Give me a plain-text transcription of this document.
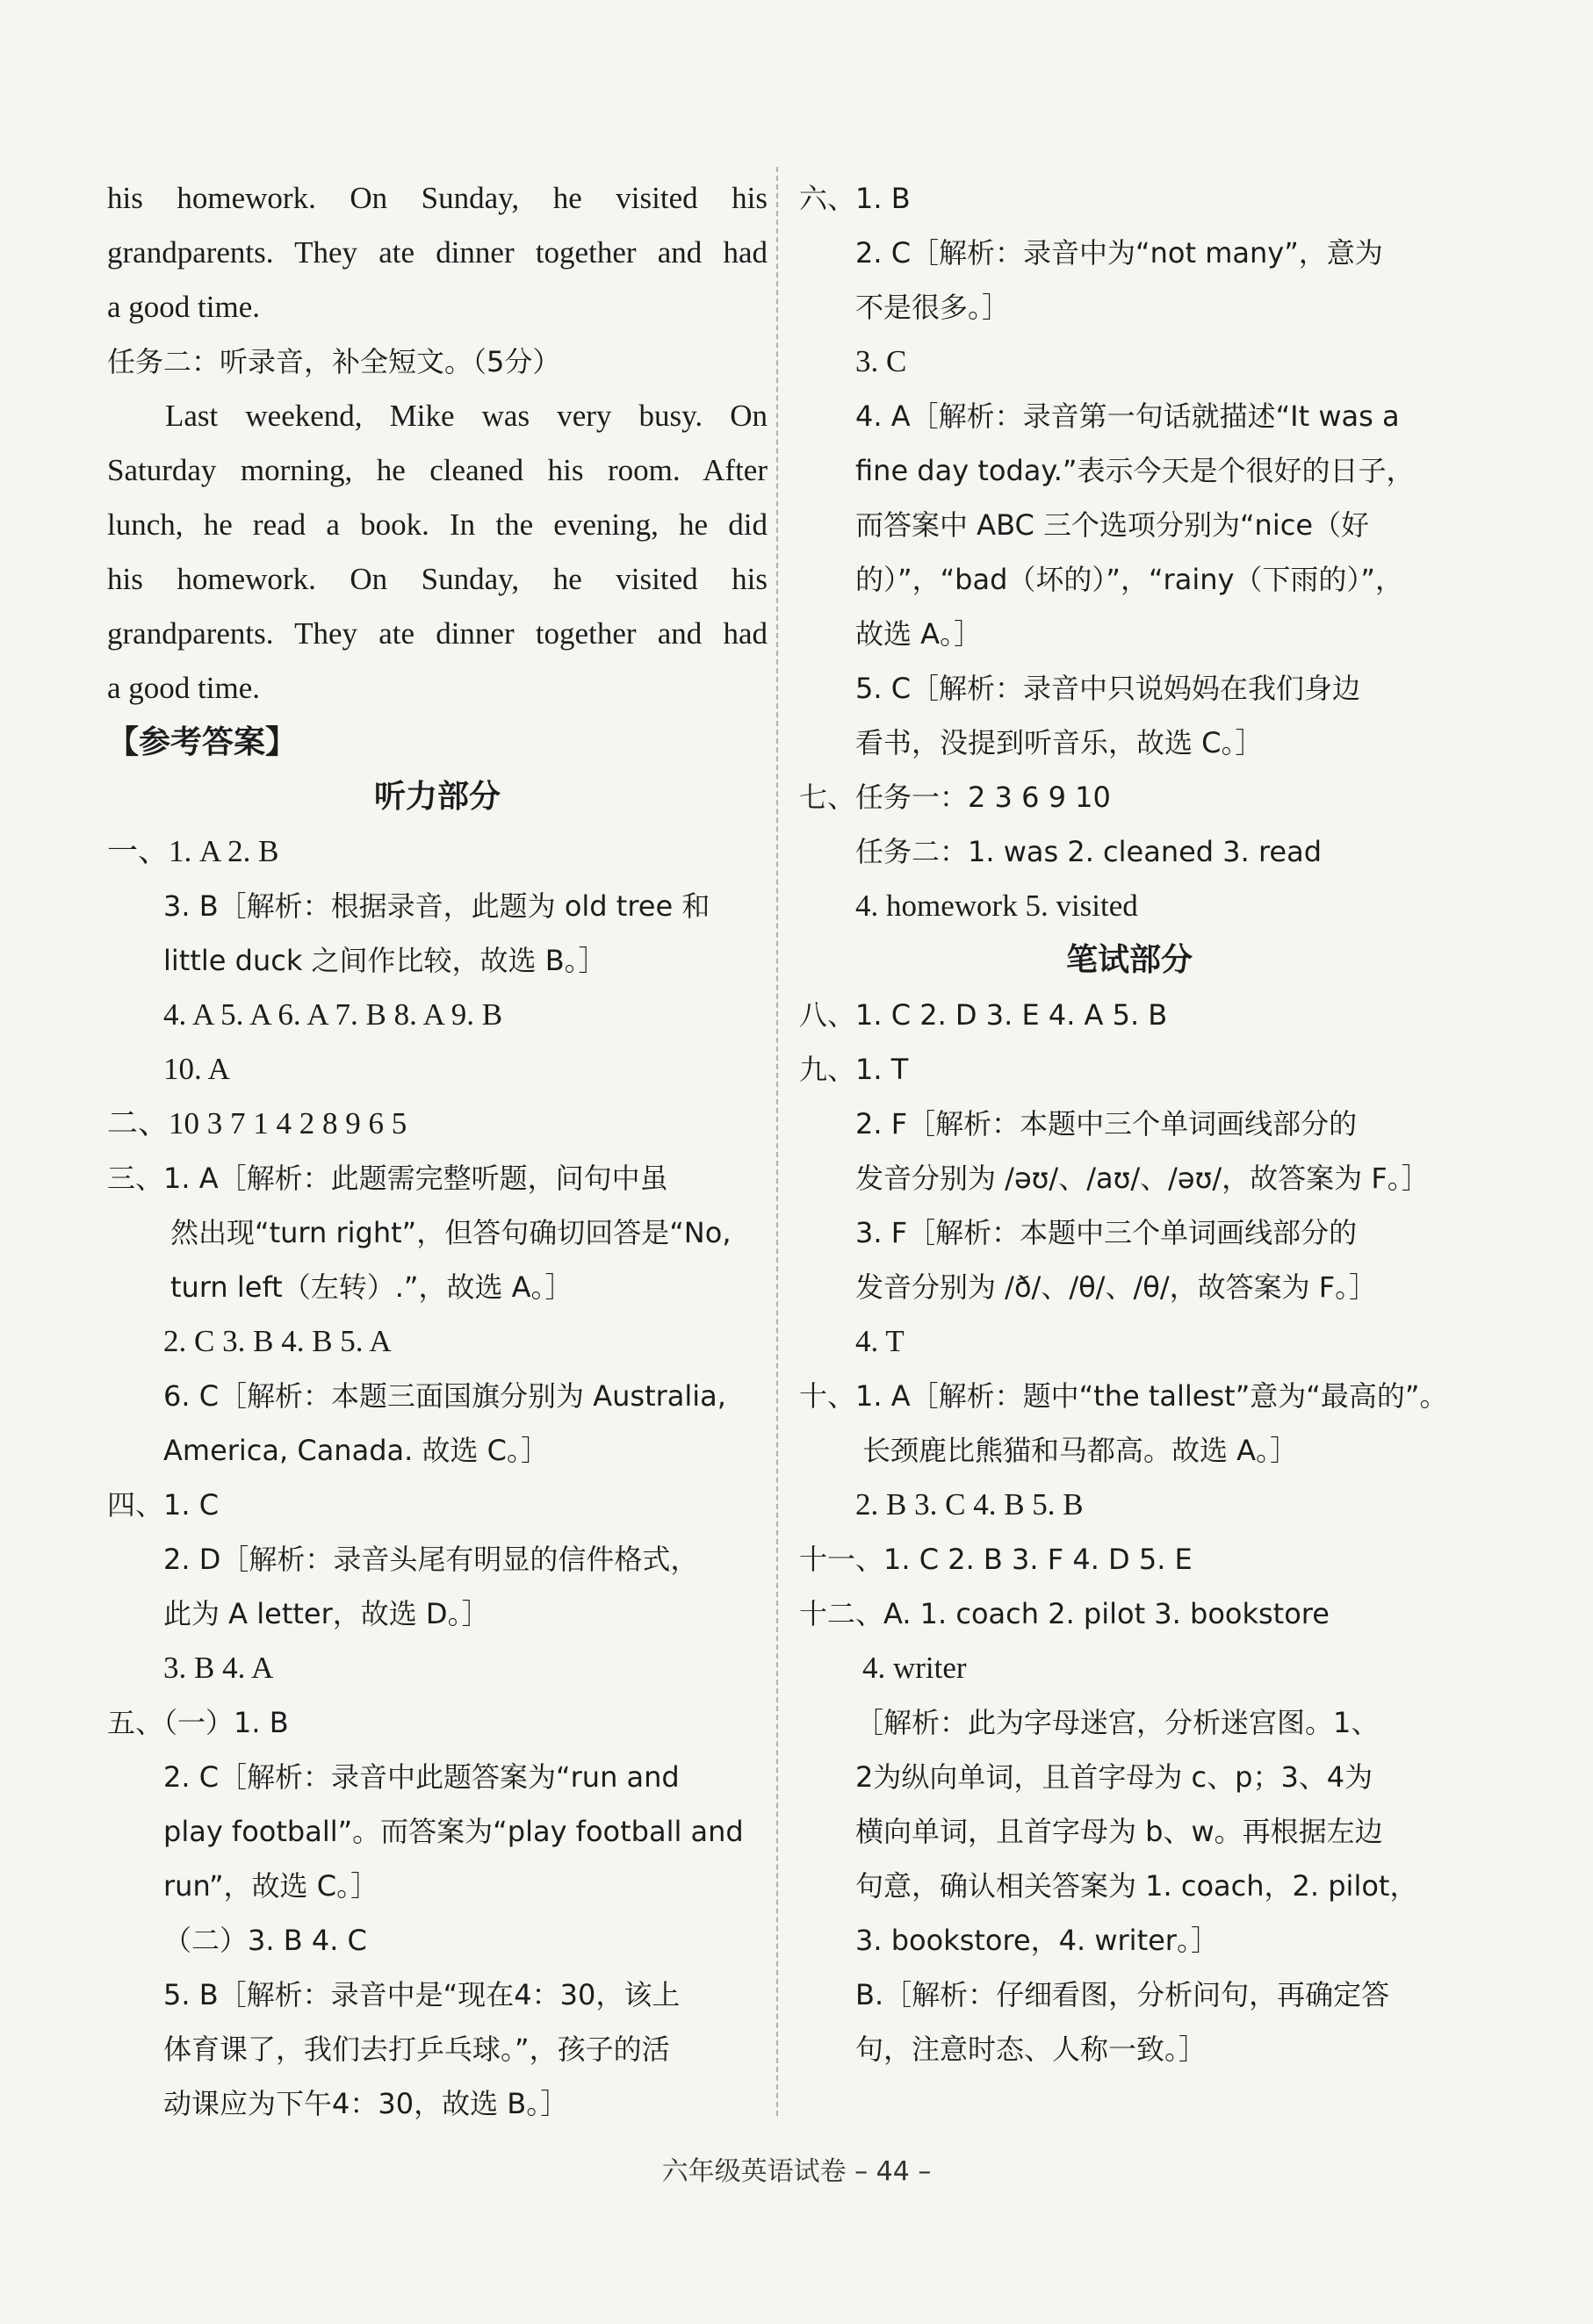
his homework. On Sunday, he visited his
grandparents. They ate dinner together and had
a good time.
任务二：听录音，补全短文。（5分）
Last weekend, Mike was very busy. On
Saturday morning, he cleaned his room. After
lunch, he read a book. In the evening, he did
his homework. On Sunday, he visited his
grandparents. They ate dinner together and had
a good time.
【参考答案】
听力部分
一、1. A 2. B
3. B［解析：根据录音，此题为 old tree 和
little duck 之间作比较，故选 B。］
4. A 5. A 6. A 7. B 8. A 9. B
10. A
二、10 3 7 1 4 2 8 9 6 5
三、1. A［解析：此题需完整听题，问句中虽
然出现“turn right”，但答句确切回答是“No,
turn left（左转）.”，故选 A。］
2. C 3. B 4. B 5. A
6. C［解析：本题三面国旗分别为 Australia,
America, Canada. 故选 C。］
四、1. C
2. D［解析：录音头尾有明显的信件格式，
此为 A letter，故选 D。］
3. B 4. A
五、（一）1. B
2. C［解析：录音中此题答案为“run and
play football”。而答案为“play football and
run”，故选 C。］
（二）3. B 4. C
5. B［解析：录音中是“现在4：30，该上
体育课了，我们去打乒乓球。”，孩子的活
动课应为下午4：30，故选 B。］
六、1. B
2. C［解析：录音中为“not many”，意为
不是很多。］
3. C
4. A［解析：录音第一句话就描述“It was a
fine day today.”表示今天是个很好的日子，
而答案中 ABC 三个选项分别为“nice（好
的）”，“bad（坏的）”，“rainy（下雨的）”，
故选 A。］
5. C［解析：录音中只说妈妈在我们身边
看书，没提到听音乐，故选 C。］
七、任务一：2 3 6 9 10
任务二：1. was 2. cleaned 3. read
4. homework 5. visited
笔试部分
八、1. C 2. D 3. E 4. A 5. B
九、1. T
2. F［解析：本题中三个单词画线部分的
发音分别为 /əʊ/、/aʊ/、/əʊ/，故答案为 F。］
3. F［解析：本题中三个单词画线部分的
发音分别为 /ð/、/θ/、/θ/，故答案为 F。］
4. T
十、1. A［解析：题中“the tallest”意为“最高的”。
长颈鹿比熊猫和马都高。故选 A。］
2. B 3. C 4. B 5. B
十一、1. C 2. B 3. F 4. D 5. E
十二、A. 1. coach 2. pilot 3. bookstore
4. writer
［解析：此为字母迷宫，分析迷宫图。1、
2为纵向单词，且首字母为 c、p；3、4为
横向单词，且首字母为 b、w。再根据左边
句意，确认相关答案为 1. coach，2. pilot，
3. bookstore，4. writer。］
B.［解析：仔细看图，分析问句，再确定答
句，注意时态、人称一致。］
六年级英语试卷 – 44 –
